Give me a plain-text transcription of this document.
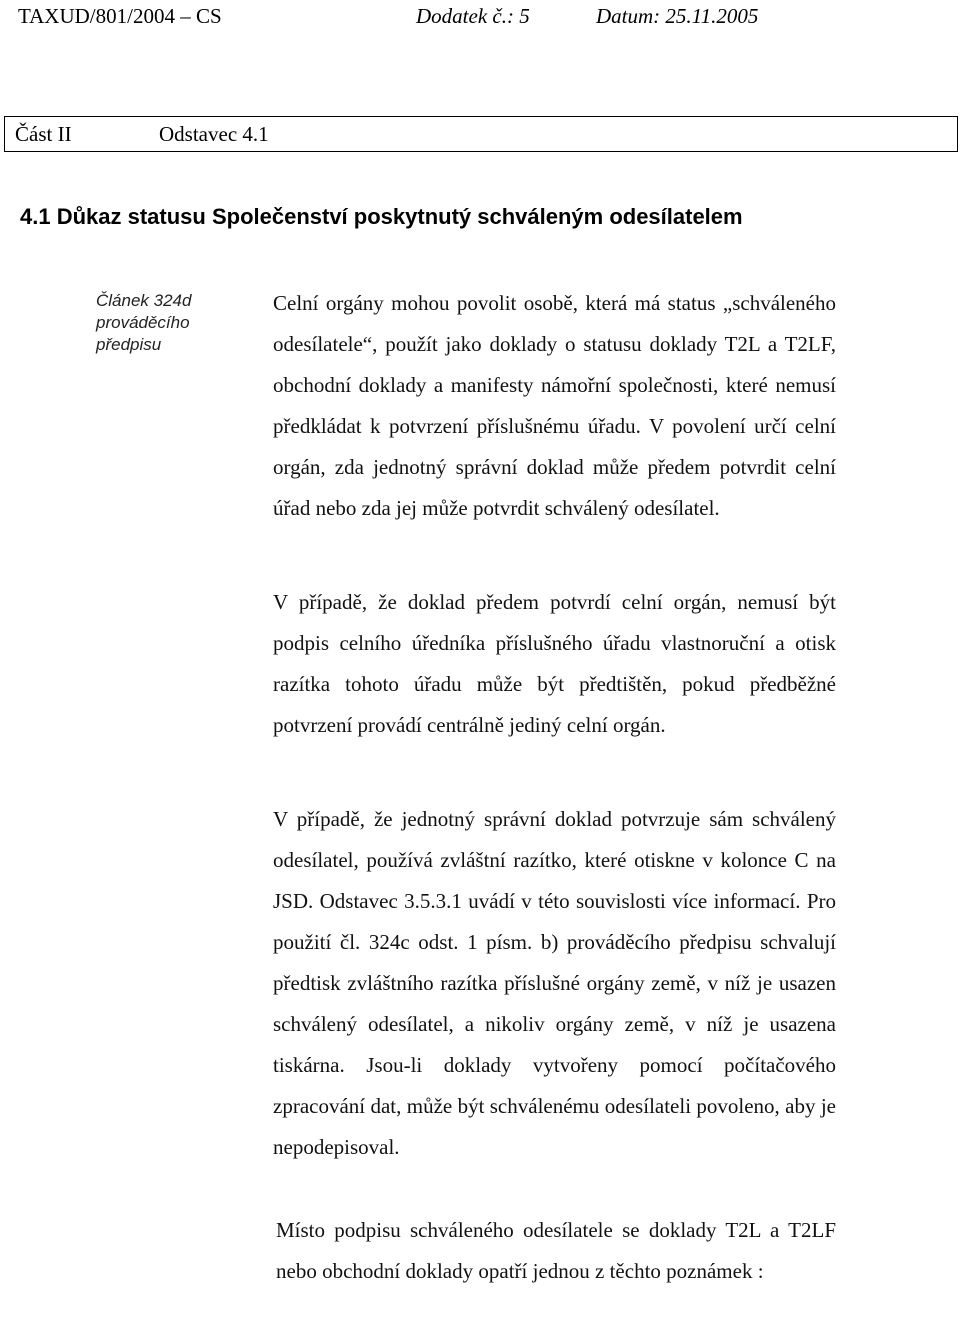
TAXUD/801/2004 – CS	Dodatek č.: 5	Datum: 25.11.2005
Část II	Odstavec 4.1
4.1 Důkaz statusu Společenství poskytnutý schváleným odesílatelem
Článek 324d
prováděcího
předpisu

Celní orgány mohou povolit osobě, která má status „schváleného odesílatele“, použít jako doklady o statusu doklady T2L a T2LF, obchodní doklady a manifesty námořní společnosti, které nemusí předkládat k potvrzení příslušnému úřadu. V povolení určí celní orgán, zda jednotný správní doklad může předem potvrdit celní úřad nebo zda jej může potvrdit schválený odesílatel.

V případě, že doklad předem potvrdí celní orgán, nemusí být podpis celního úředníka příslušného úřadu vlastnoruční a otisk razítka tohoto úřadu může být předtištěn, pokud předběžné potvrzení provádí centrálně jediný celní orgán.

V případě, že jednotný správní doklad potvrzuje sám schválený odesílatel, používá zvláštní razítko, které otiskne v kolonce C na JSD. Odstavec 3.5.3.1 uvádí v této souvislosti více informací. Pro použití čl. 324c odst. 1 písm. b) prováděcího předpisu schvalují předtisk zvláštního razítka příslušné orgány země, v níž je usazen schválený odesílatel, a nikoliv orgány země, v níž je usazena tiskárna. Jsou-li doklady vytvořeny pomocí počítačového zpracování dat, může být schválenému odesílateli povoleno, aby je nepodepisoval.

Místo podpisu schváleného odesílatele se doklady T2L a T2LF nebo obchodní doklady opatří jednou z těchto poznámek :
